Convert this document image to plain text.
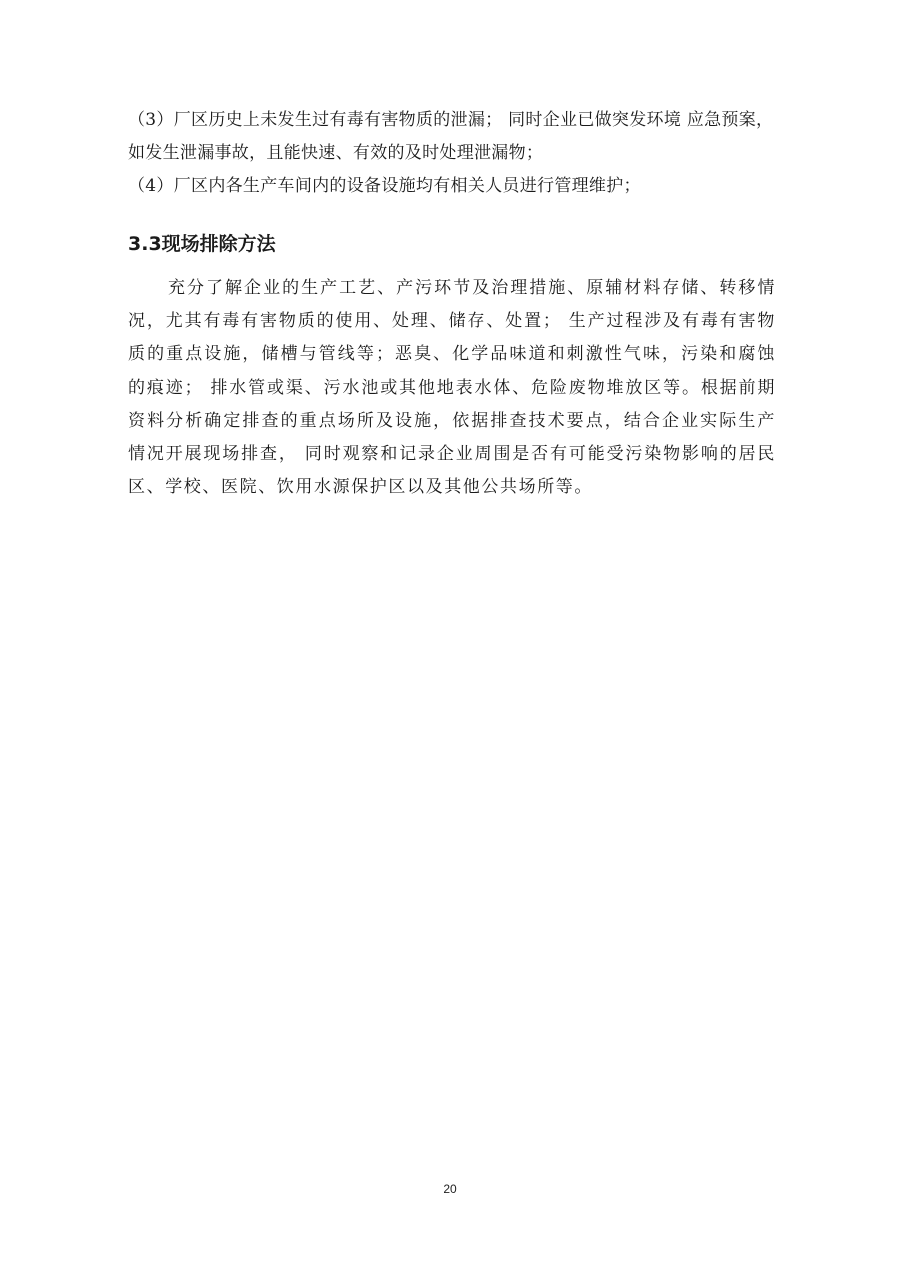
（3）厂区历史上未发生过有毒有害物质的泄漏； 同时企业已做突发环境 应急预案，如发生泄漏事故，且能快速、有效的及时处理泄漏物；

（4）厂区内各生产车间内的设备设施均有相关人员进行管理维护；

3.3现场排除方法

充分了解企业的生产工艺、产污环节及治理措施、原辅材料存储、转移情况，尤其有毒有害物质的使用、处理、储存、处置； 生产过程涉及有毒有害物质的重点设施，储槽与管线等；恶臭、化学品味道和刺激性气味，污染和腐蚀的痕迹； 排水管或渠、污水池或其他地表水体、危险废物堆放区等。根据前期资料分析确定排查的重点场所及设施，依据排查技术要点，结合企业实际生产情况开展现场排查， 同时观察和记录企业周围是否有可能受污染物影响的居民区、学校、医院、饮用水源保护区以及其他公共场所等。

20
